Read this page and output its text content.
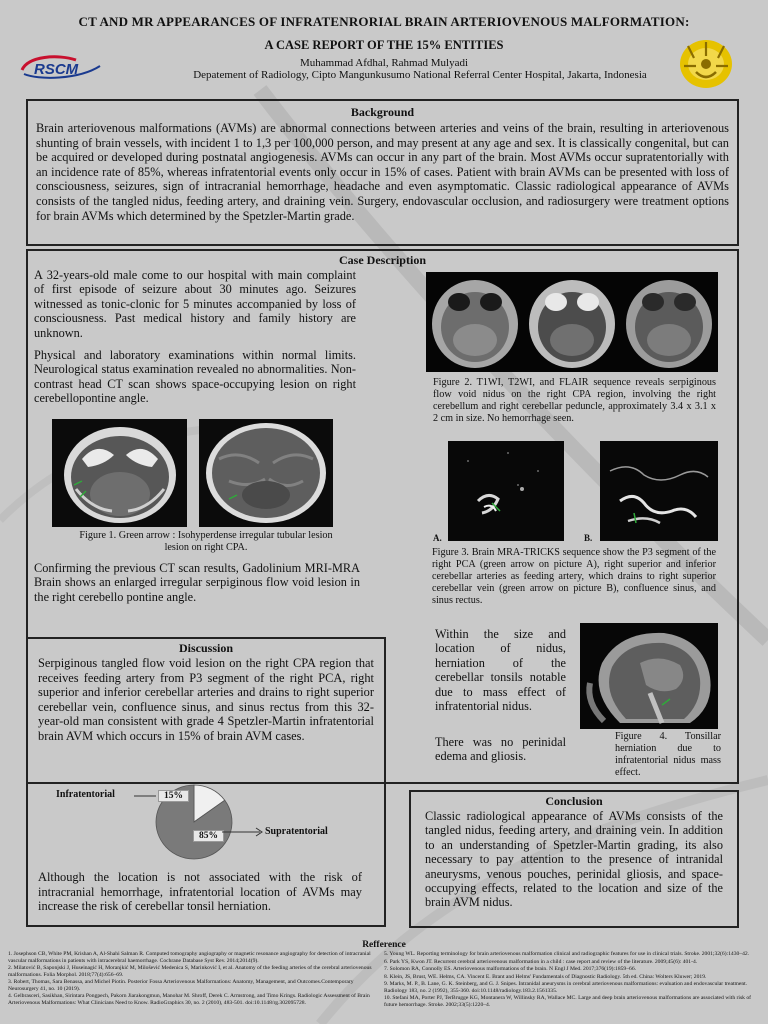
CT AND MR APPEARANCES OF INFRATENRORIAL BRAIN ARTERIOVENOUS MALFORMATION:
A CASE REPORT OF THE 15% ENTITIES
Muhammad Afdhal, Rahmad Mulyadi
Depatement of Radiology, Cipto Mangunkusumo National Referral Center Hospital, Jakarta, Indonesia
RSCM
Background
Brain arteriovenous malformations (AVMs) are abnormal connections between arteries and veins of the brain, resulting in arteriovenous shunting of brain vessels, with incident 1 to 1,3 per 100,000 person, and may present at any age and sex. It is classically congenital, but can be acquired or developed during postnatal angiogenesis. AVMs can occur in any part of the brain. Most AVMs occur supratentorially with an incidence rate of 85%, whereas infratentorial events only occur in 15% of cases. Patient with brain AVMs can be presented with loss of consciousness, seizures, sign of intracranial hemorrhage, headache and even asymptomatic. Classic radiological appearance of AVMs consists of the tangled nidus, feeding artery, and draining vein. Surgery, endovascular occlusion, and radiosurgery were treatment options for brain AVMs which determined by the Spetzler-Martin grade.
Case Description
A 32-years-old male come to our hospital with main complaint of first episode of seizure about 30 minutes ago. Seizures witnessed as tonic-clonic for 5 minutes accompanied by loss of consciousness. Past medical history and family history are unknown.
Physical and laboratory examinations within normal limits. Neurological status examination revealed no abnormalities. Non-contrast head CT scan shows space-occupying lesion on right cerebellopontine angle.
Figure 1. Green arrow : Isohyperdense irregular tubular lesion lesion on right CPA.
Confirming the previous CT scan results, Gadolinium MRI-MRA Brain shows an enlarged irregular serpiginous flow void lesion in the right cerebello pontine angle.
Figure 2. T1WI, T2WI, and FLAIR sequence reveals serpiginous flow void nidus on the right CPA region, involving the right cerebellum and right cerebellar peduncle, approximately 3.4 x 3.1 x 2 cm in size. No hemorrhage seen.
A.	B.
Figure 3. Brain MRA-TRICKS sequence show the P3 segment of the right PCA (green arrow on picture A), right superior and inferior cerebellar arteries as feeding artery, which drains to right superior cerebellar vein (green arrow on picture B), confluence sinus, and sinus rectus.
Within the size and location of nidus, herniation of the cerebellar tonsils notable due to mass effect of infratentorial nidus.
There was no perinidal edema and gliosis.
Figure 4. Tonsillar herniation due to infratentorial nidus mass effect.
Discussion
Serpiginous tangled flow void lesion on the right CPA region that receives feeding artery from P3 segment of the right PCA, right superior and inferior cerebellar arteries and drains to right superior cerebellar vein, confluence sinus, and sinus rectus from this 32-year-old man consistent with grade 4 Spetzler-Martin infratentorial brain AVM which occurs in 15% of brain AVM cases.
Infratentorial	15%
85%	Supratentorial
Although the location is not associated with the risk of intracranial hemorrhage, infratentorial location of AVMs may increase the risk of cerebellar tonsil herniation.
Conclusion
Classic radiological appearance of AVMs consists of the tangled nidus, feeding artery, and draining vein. In addition to an understanding of Spetzler-Martin grading, its also necessary to pay attention to the presence of intranidal aneurysms, venous pouches, perinidal gliosis, and space-occupying effects, related to the location and size of the brain AVM nidus.
Refference
1. Josephson CB, White PM, Krishan A, Al-Shahi Salman R. Computed tomography angiography or magnetic resonance angiography for detection of intracranial vascular malformations in patients with intracerebral haemorrhage. Cochrane Database Syst Rev. 2014;2014(9).
2. Milatović B, Saponjski J, Huseinagić H, Moranjkić M, Milošević Medenica S, Marinković I, et al. Anatomy of the feeding arteries of the cerebral arteriovenous malformations. Folia Morphol. 2018;77(4):656–69.
3. Robert, Thomas, Sara Benassa, and Michel Piotin. Posterior Fossa Arteriovenous Malformations: Anatomy, Management, and Outcomes.Contemporary Neurosurgery 41, no. 10 (2019).
4. Gelbrasceri, Sasikhan, Sirintara Pongpech, Pakorn Jiarakongmun, Manohar M. Shroff, Derek C. Armstrong, and Timo Krings. Radiologic Assessment of Brain Arteriovenous Malformations: What Clinicians Need to Know. RadioGraphics 30, no. 2 (2010), 483-501. doi:10.1148/rg.302095728.
5. Young WL. Reporting terminology for brain arteriovenous malformation clinical and radiographic features for use in clinical trials. Stroke. 2001;32(6):1430–42.
6. Park YS, Kwon JT. Recurrent cerebral arteriovenous malformation in a child : case report and review of the literature. 2009;45(6): 401-4.
7. Solomon RA, Connolly ES. Arteriovenous malformations of the brain. N Engl J Med. 2017;376(19):1859–66.
8. Klein, JS, Brust, WE. Helms, CA. Vincent E. Brant and Helms' Fundamentals of Diagnostic Radiology. 5th ed. China: Wolters Kluwer; 2019.
9. Marks, M. P., B. Lane, G. K. Steinberg, and G. J. Snipes. Intranidal aneurysms in cerebral arteriovenous malformations: evaluation and endovascular treatment. Radiology 183, no. 2 (1992), 355-360. doi:10.1148/radiology.183.2.1561335.
10. Stefani MA, Porter PJ, TerBrugge KG, Montanera W, Willinsky RA, Wallace MC. Large and deep brain arteriovenous malformations are associated with risk of future hemorrhage. Stroke. 2002;33(5):1220–4.
